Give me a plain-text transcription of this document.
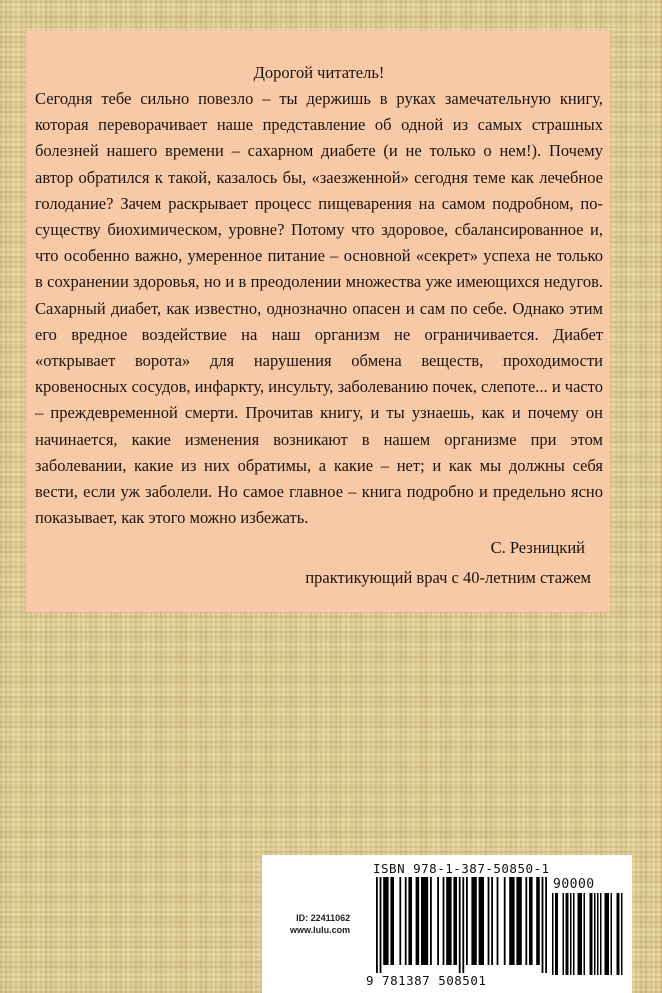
Дорогой читатель!

Сегодня тебе сильно повезло – ты держишь в руках замечательную книгу, которая переворачивает наше представление об одной из самых страшных болезней нашего времени – сахарном диабете (и не только о нем!). Почему автор обратился к такой, казалось бы, «заезженной» сегодня теме как лечебное голодание? Зачем раскрывает процесс пищеварения на самом подробном, по-существу биохимическом, уровне? Потому что здоровое, сбалансированное и, что особенно важно, умеренное питание – основной «секрет» успеха не только в сохранении здоровья, но и в преодолении множества уже имеющихся недугов. Сахарный диабет, как известно, однозначно опасен и сам по себе. Однако этим его вредное воздействие на наш организм не ограничивается. Диабет «открывает ворота» для нарушения обмена веществ, проходимости кровеносных сосудов, инфаркту, инсульту, заболеванию почек, слепоте... и часто – преждевременной смерти. Прочитав книгу, и ты узнаешь, как и почему он начинается, какие изменения возникают в нашем организме при этом заболевании, какие из них обратимы, а какие – нет; и как мы должны себя вести, если уж заболели. Но самое главное – книга подробно и предельно ясно показывает, как этого можно избежать.

С. Резницкий

практикующий врач с 40-летним стажем

ISBN 978-1-387-50850-1
90000
ID: 22411062
www.lulu.com
9 781387 508501
